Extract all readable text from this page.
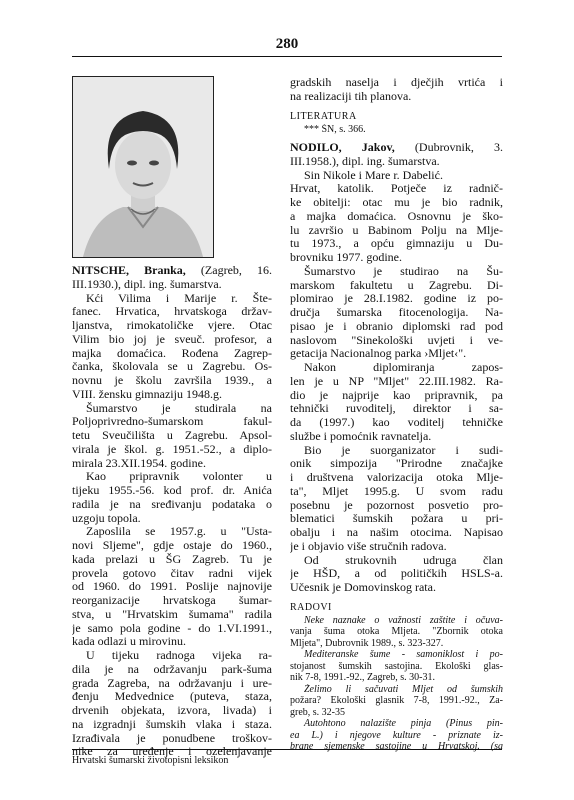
280
NITSCHE, Branka, (Zagreb, 16.
III.1930.), dipl. ing. šumarstva.
Kći Vilima i Marije r. Šte-
fanec. Hrvatica, hrvatskoga držav-
ljanstva, rimokatoličke vjere. Otac
Vilim bio joj je sveuč. profesor, a
majka domaćica. Rođena Zagrep-
čanka, školovala se u Zagrebu. Os-
novnu je školu završila 1939., a
VIII. žensku gimnaziju 1948.g.
Šumarstvo je studirala na
Poljoprivredno-šumarskom fakul-
tetu Sveučilišta u Zagrebu. Apsol-
virala je škol. g. 1951.-52., a diplo-
mirala 23.XII.1954. godine.
Kao pripravnik volonter u
tijeku 1955.-56. kod prof. dr. Anića
radila je na sređivanju podataka o
uzgoju topola.
Zaposlila se 1957.g. u "Usta-
novi Sljeme", gdje ostaje do 1960.,
kada prelazi u ŠG Zagreb. Tu je
provela gotovo čitav radni vijek
od 1960. do 1991. Poslije najnovije
reorganizacije hrvatskoga šumar-
stva, u "Hrvatskim šumama" radila
je samo pola godine - do 1.VI.1991.,
kada odlazi u mirovinu.
U tijeku radnoga vijeka ra-
dila je na održavanju park-šuma
grada Zagreba, na održavanju i ure-
đenju Medvednice (puteva, staza,
drvenih objekata, izvora, livada) i
na izgradnji šumskih vlaka i staza.
Izrađivala je ponudbene troškov-
nike za uređenje i ozelenjavanje
gradskih naselja i dječjih vrtića i
na realizaciji tih planova.
LITERATURA
*** ŠN, s. 366.
NODILO, Jakov, (Dubrovnik, 3.
III.1958.), dipl. ing. šumarstva.
Sin Nikole i Mare r. Dabelić.
Hrvat, katolik. Potječe iz radnič-
ke obitelji: otac mu je bio radnik,
a majka domaćica. Osnovnu je ško-
lu završio u Babinom Polju na Mlje-
tu 1973., a opću gimnaziju u Du-
brovniku 1977. godine.
Šumarstvo je studirao na Šu-
marskom fakultetu u Zagrebu. Di-
plomirao je 28.I.1982. godine iz po-
dručja šumarska fitocenologija. Na-
pisao je i obranio diplomski rad pod
naslovom "Sinekološki uvjeti i ve-
getacija Nacionalnog parka ›Mljet‹".
Nakon diplomiranja zapos-
len je u NP "Mljet" 22.III.1982. Ra-
dio je najprije kao pripravnik, pa
tehnički ruvoditelj, direktor i sa-
da (1997.) kao voditelj tehničke
službe i pomoćnik ravnatelja.
Bio je suorganizator i sudi-
onik simpozija "Prirodne značajke
i društvena valorizacija otoka Mlje-
ta", Mljet 1995.g. U svom radu
posebnu je pozornost posvetio pro-
blematici šumskih požara u pri-
obalju i na našim otocima. Napisao
je i objavio više stručnih radova.
Od strukovnih udruga član
je HŠD, a od političkih HSLS-a.
Učesnik je Domovinskog rata.
RADOVI
Neke naznake o važnosti zaštite i očuva-
vanja šuma otoka Mljeta. "Zbornik otoka
Mljeta", Dubrovnik 1989., s. 323-327.
Mediteranske šume - samoniklost i po-
stojanost šumskih sastojina. Ekološki glas-
nik 7-8, 1991.-92., Zagreb, s. 30-31.
Želimo li sačuvati Mljet od šumskih
požara? Ekološki glasnik 7-8, 1991.-92., Za-
greb, s. 32-35
Autohtono nalazište pinja (Pinus pin-
ea L.) i njegove kulture - priznate iz-
brane sjemenske sastojine u Hrvatskoj. (sa
Hrvatski šumarski životopisni leksikon
